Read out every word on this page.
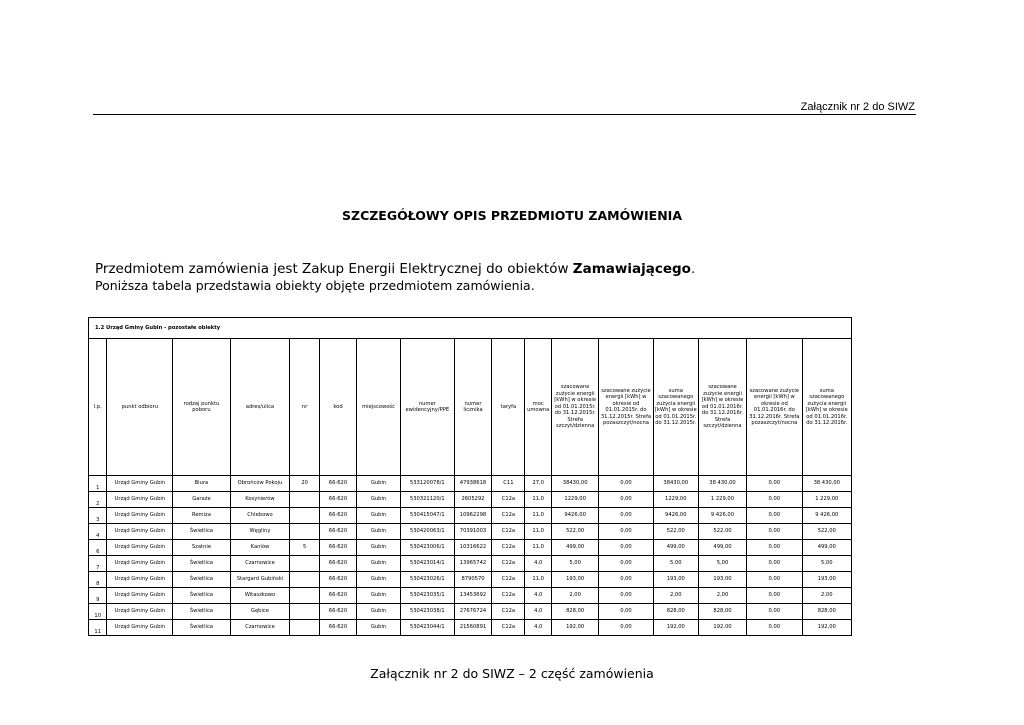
Załącznik nr 2 do SIWZ
SZCZEGÓŁOWY OPIS PRZEDMIOTU ZAMÓWIENIA
Przedmiotem zamówienia jest Zakup Energii Elektrycznej do obiektów Zamawiającego.
Poniższa tabela przedstawia obiekty objęte przedmiotem zamówienia.
1.2 Urząd Gminy Gubin - pozostałe obiekty																
l.p.	punkt odbioru	rodzaj punktu poboru	adres/ulica	nr	kod	miejscowość	numer ewidencyjny/PPE	numer licznika	taryfa	moc umowna	szacowane zużycie energii [kWh] w okresie od 01.01.2015r. do 31.12.2015r. Strefa szczyt/dzienna	szacowane zużycie energii [kWh] w okresie od 01.01.2015r. do 31.12.2015r. Strefa pozaszczyt/nocna	suma szacowanego zużycia energii [kWh] w okresie od 01.01.2015r. do 31.12.2015r.	szacowane zużycie energii [kWh] w okresie od 01.01.2016r. do 31.12.2016r. Strefa szczyt/dzienna	szacowane zużycie energii [kWh] w okresie od 01.01.2016r. do 31.12.2016r. Strefa pozaszczyt/nocna	suma szacowanego zużycia energii [kWh] w okresie od 01.01.2016r. do 31.12.2016r.
1	Urząd Gminy Gubin	Biura	Obrońców Pokoju	20	66-620	Gubin	533120078/1	47938618	C11	27,0	38430,00	0,00	38430,00	38 430,00	0,00	38 430,00
2	Urząd Gminy Gubin	Garaże	Kosynierów		66-620	Gubin	530321120/1	2605292	C12a	11,0	1229,00	0,00	1229,00	1 229,00	0,00	1 229,00
3	Urząd Gminy Gubin	Remiza	Chlebowo		66-620	Gubin	530415047/1	10962298	C12a	11,0	9426,00	0,00	9426,00	9 426,00	0,00	9 426,00
4	Urząd Gminy Gubin	Świetlica	Węgliny		66-620	Gubin	530420063/1	70391003	C12a	11,0	522,00	0,00	522,00	522,00	0,00	522,00
6	Urząd Gminy Gubin	Szatnie	Kaniów	5	66-620	Gubin	530423006/1	10316622	C12a	11,0	499,00	0,00	499,00	499,00	0,00	499,00
7	Urząd Gminy Gubin	Świetlica	Czarnowice		66-620	Gubin	530423014/1	13965742	C12a	4,0	5,00	0,00	5,00	5,00	0,00	5,00
8	Urząd Gminy Gubin	Świetlica	Stargard Gubiński		66-620	Gubin	530423026/1	8790570	C12a	11,0	193,00	0,00	193,00	193,00	0,00	193,00
9	Urząd Gminy Gubin	Świetlica	Witaszkowo		66-620	Gubin	530423035/1	13453692	C12a	4,0	2,00	0,00	2,00	2,00	0,00	2,00
10	Urząd Gminy Gubin	Świetlica	Gębice		66-620	Gubin	530423038/1	27676724	C12a	4,0	828,00	0,00	828,00	828,00	0,00	828,00
11	Urząd Gminy Gubin	Świetlica	Czarnowice		66-620	Gubin	530423044/1	21560891	C12a	4,0	192,00	0,00	192,00	192,00	0,00	192,00
Załącznik nr 2 do SIWZ – 2 część zamówienia
